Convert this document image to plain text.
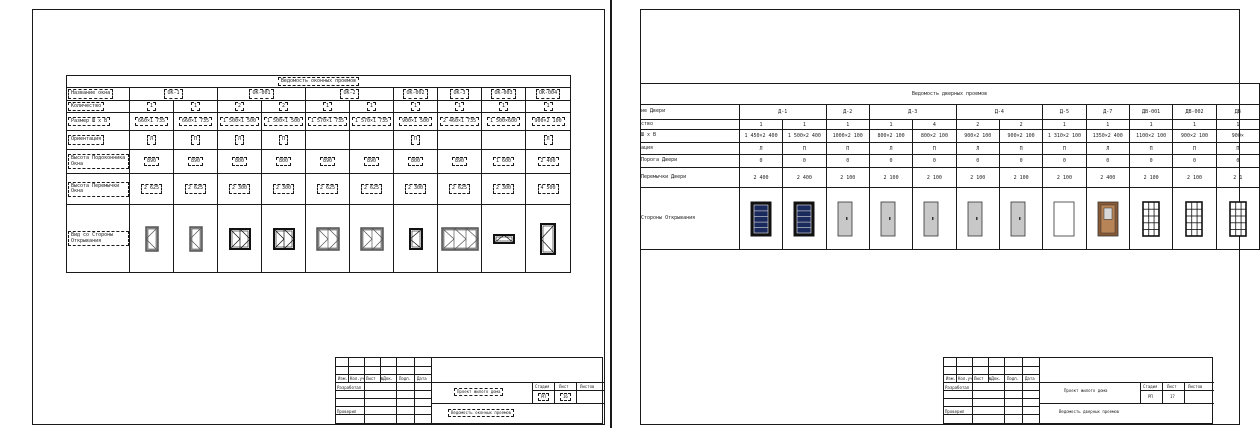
Ведомость оконных проемов										
Название окна	ОК-1		ОК-001		ОК-2		ОК-002	ОК-3	ОК-003	ОК-004
Количество	1	1	2	2	1	1	1	1	1	1
Размер Ш х В	660×1 735	660×1 735	1 500×1 500	1 500×1 500	1 570×1 735	1 570×1 735	900×1 500	2 460×1 735	1 500×600	900×2 100
Ориентация	Л	П	Л	П			П			Л
Высота Подоконника Окна	890	890	800	800	890	890	800	890	1 600	2 400
Высота Перемычки Окна	2 625	2 625	2 300	2 300	2 625	2 625	2 300	2 625	2 300	4 500
Вид со Стороны Открывания	

Изм. Кол.уч Лист №Док. Подп. Дата
Разработал
Проверил
Проект жилого дома
Ведомость оконных проемов
Стадия Лист	Листов
РП	16
Ведомость дверных проемов												
ие Двери	Д-1		Д-2	Д-3		Д-4		Д-5	Д-7	ДВ-001	ДВ-002	ДВ
ство	1	1	1	1	4	2	2	1	1	1	1	1
Ш х В	1 450×2 400	1 500×2 400	1000×2 100	800×2 100	800×2 100	900×2 100	900×2 100	1 310×2 100	1350×2 400	1100×2 100	900×2 100	900×
ация	Л	П	П	Л	П	Л	П	П	Л	П	П	П
Порога Двери	0	0	0	0	0	0	0	0	0	0	0	0
Перемычки Двери	2 400	2 400	2 100	2 100	2 100	2 100	2 100	2 100	2 400	2 100	2 100	2 1
Стороны Открывания	

Изм. Кол.уч Лист №Док. Подп. Дата
Разработал
Проверил
Проект жилого дома
Ведомость дверных проемов
Стадия Лист	Листов
РП	17
